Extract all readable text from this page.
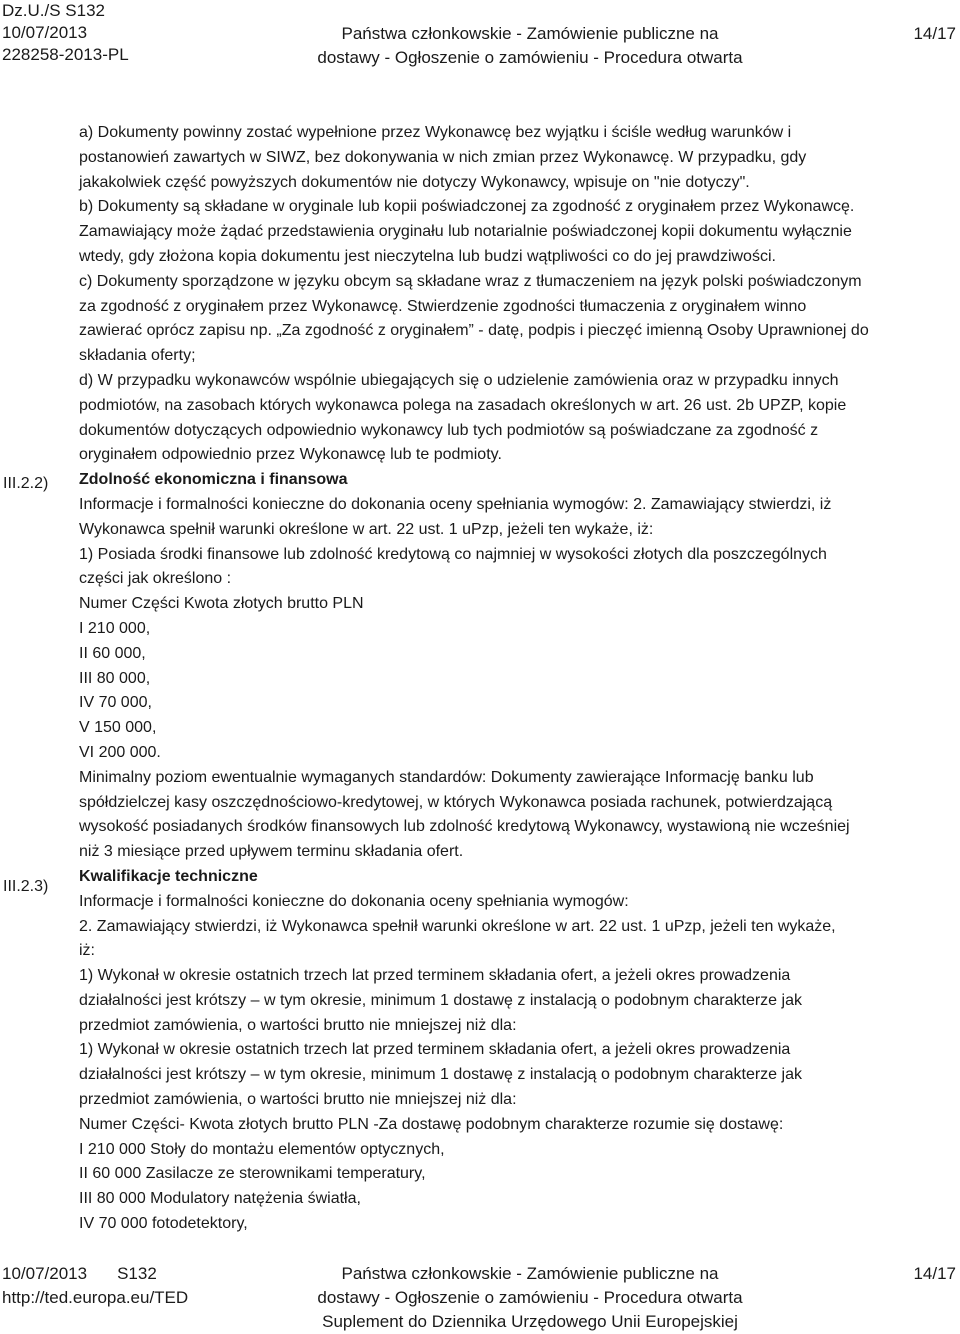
Dz.U./S S132
10/07/2013
228258-2013-PL
Państwa członkowskie - Zamówienie publiczne na
dostawy - Ogłoszenie o zamówieniu - Procedura otwarta
14/17
III.2.2)
III.2.3)

a) Dokumenty powinny zostać wypełnione przez Wykonawcę bez wyjątku i ściśle według warunków i

postanowień zawartych w SIWZ, bez dokonywania w nich zmian przez Wykonawcę. W przypadku, gdy

jakakolwiek część powyższych dokumentów nie dotyczy Wykonawcy, wpisuje on "nie dotyczy".

b) Dokumenty są składane w oryginale lub kopii poświadczonej za zgodność z oryginałem przez Wykonawcę.

Zamawiający może żądać przedstawienia oryginału lub notarialnie poświadczonej kopii dokumentu wyłącznie

wtedy, gdy złożona kopia dokumentu jest nieczytelna lub budzi wątpliwości co do jej prawdziwości.

c) Dokumenty sporządzone w języku obcym są składane wraz z tłumaczeniem na język polski poświadczonym

za zgodność z oryginałem przez Wykonawcę. Stwierdzenie zgodności tłumaczenia z oryginałem winno

zawierać oprócz zapisu np. „Za zgodność z oryginałem” - datę, podpis i pieczęć imienną Osoby Uprawnionej do

składania oferty;

d) W przypadku wykonawców wspólnie ubiegających się o udzielenie zamówienia oraz w przypadku innych

podmiotów, na zasobach których wykonawca polega na zasadach określonych w art. 26 ust. 2b UPZP, kopie

dokumentów dotyczących odpowiednio wykonawcy lub tych podmiotów są poświadczane za zgodność z

oryginałem odpowiednio przez Wykonawcę lub te podmioty.

Zdolność ekonomiczna i finansowa

Informacje i formalności konieczne do dokonania oceny spełniania wymogów: 2. Zamawiający stwierdzi, iż

Wykonawca spełnił warunki określone w art. 22 ust. 1 uPzp, jeżeli ten wykaże, iż:

1) Posiada środki finansowe lub zdolność kredytową co najmniej w wysokości złotych dla poszczególnych

części jak określono :

Numer Części Kwota złotych brutto PLN

I 210 000,

II 60 000,

III 80 000,

IV 70 000,

V 150 000,

VI 200 000.

Minimalny poziom ewentualnie wymaganych standardów: Dokumenty zawierające Informację banku lub

spółdzielczej kasy oszczędnościowo-kredytowej, w których Wykonawca posiada rachunek, potwierdzającą

wysokość posiadanych środków finansowych lub zdolność kredytową Wykonawcy, wystawioną nie wcześniej

niż 3 miesiące przed upływem terminu składania ofert.

Kwalifikacje techniczne

Informacje i formalności konieczne do dokonania oceny spełniania wymogów:

2. Zamawiający stwierdzi, iż Wykonawca spełnił warunki określone w art. 22 ust. 1 uPzp, jeżeli ten wykaże,

iż:

1) Wykonał w okresie ostatnich trzech lat przed terminem składania ofert, a jeżeli okres prowadzenia

działalności jest krótszy – w tym okresie, minimum 1 dostawę z instalacją o podobnym charakterze jak

przedmiot zamówienia, o wartości brutto nie mniejszej niż dla:

1) Wykonał w okresie ostatnich trzech lat przed terminem składania ofert, a jeżeli okres prowadzenia

działalności jest krótszy – w tym okresie, minimum 1 dostawę z instalacją o podobnym charakterze jak

przedmiot zamówienia, o wartości brutto nie mniejszej niż dla:

Numer Części- Kwota złotych brutto PLN -Za dostawę podobnym charakterze rozumie się dostawę:

I 210 000 Stoły do montażu elementów optycznych,

II 60 000 Zasilacze ze sterownikami temperatury,

III 80 000 Modulatory natężenia światła,

IV 70 000 fotodetektory,

10/07/2013 S132
http://ted.europa.eu/TED
Państwa członkowskie - Zamówienie publiczne na
dostawy - Ogłoszenie o zamówieniu - Procedura otwarta
Suplement do Dziennika Urzędowego Unii Europejskiej
14/17
